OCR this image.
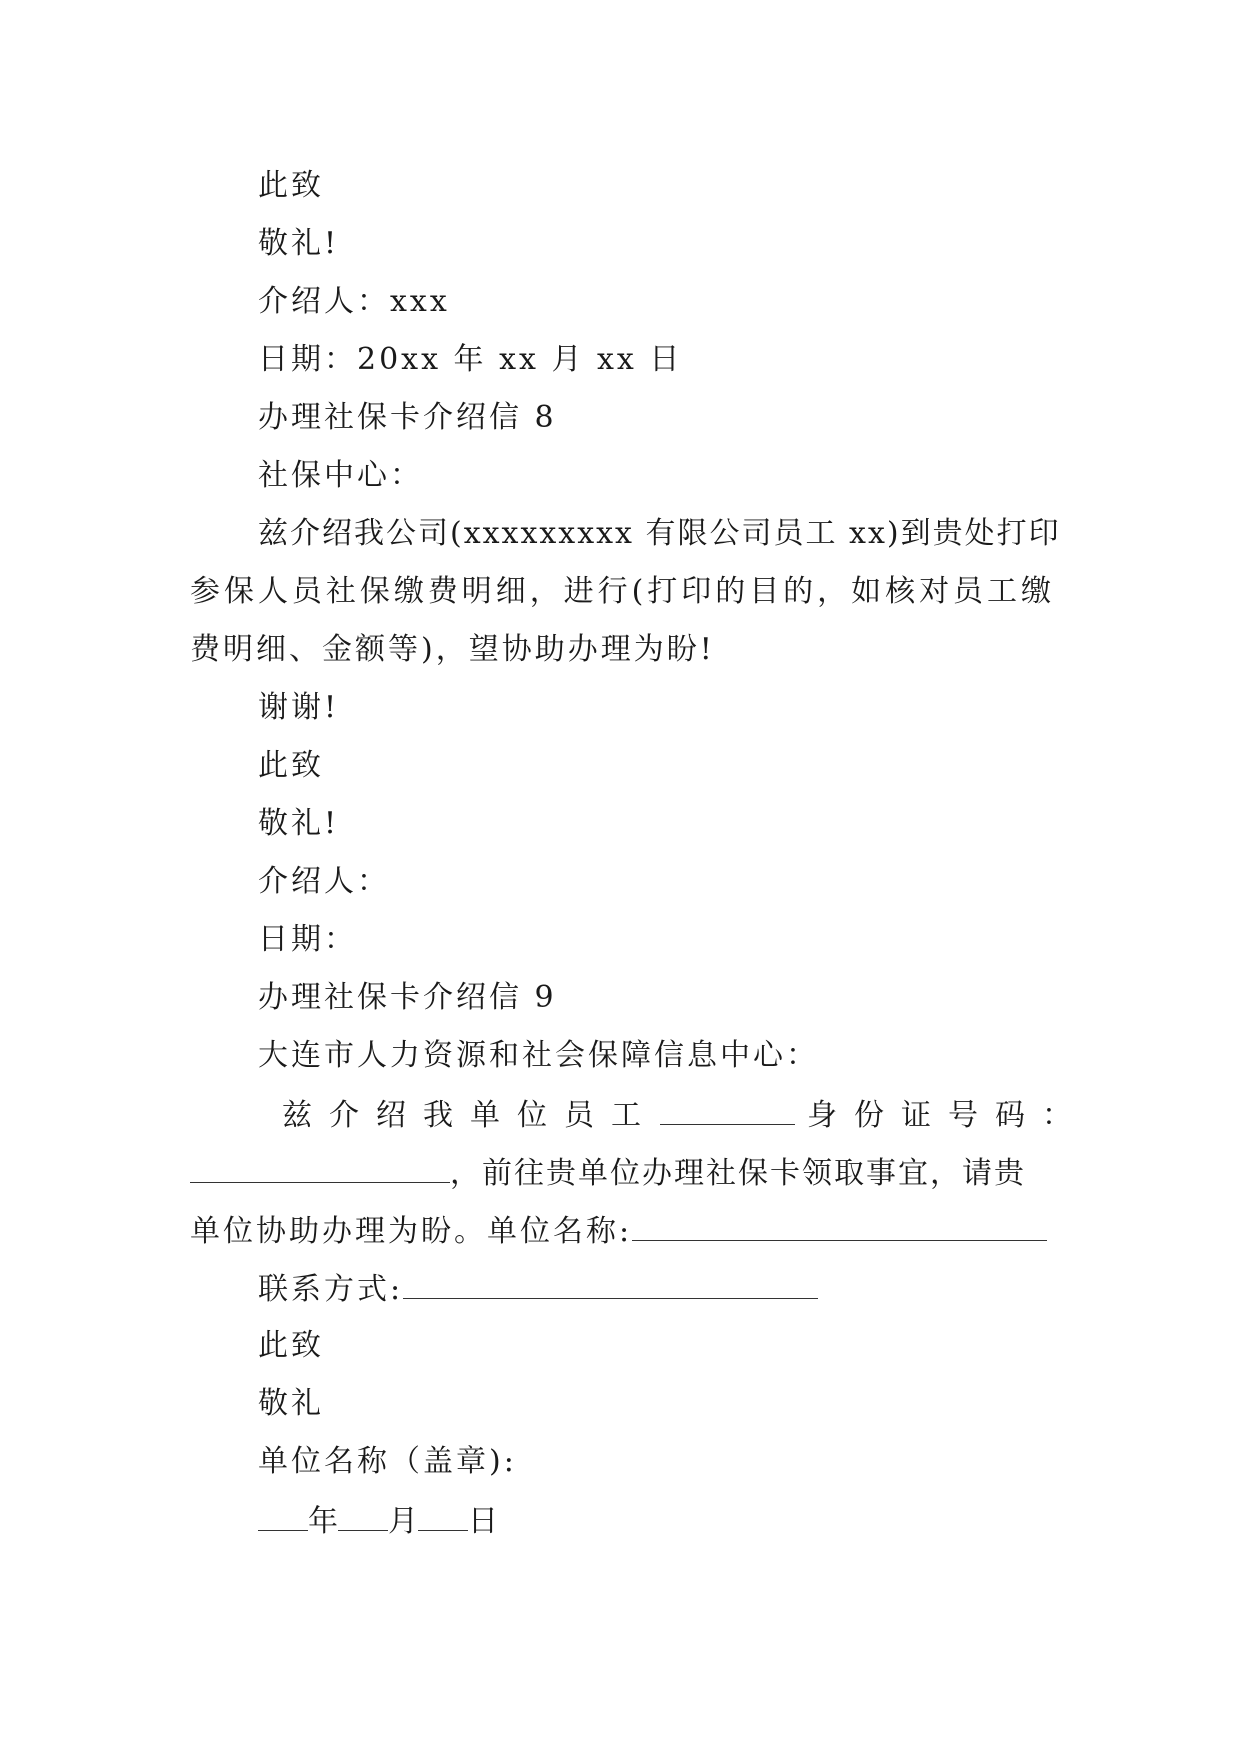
此致
敬礼!
介绍人：xxx
日期：20xx 年 xx 月 xx 日
办理社保卡介绍信 8
社保中心：
兹介绍我公司(xxxxxxxxx 有限公司员工 xx)到贵处打印
参保人员社保缴费明细，进行(打印的目的，如核对员工缴
费明细、金额等)，望协助办理为盼!
谢谢!
此致
敬礼!
介绍人：
日期：
办理社保卡介绍信 9
大连市人力资源和社会保障信息中心：
兹介绍我单位员工	身份证号码：
，前往贵单位办理社保卡领取事宜，请贵
单位协助办理为盼。单位名称:
联系方式:
此致
敬礼
单位名称（盖章):
年 月 日
